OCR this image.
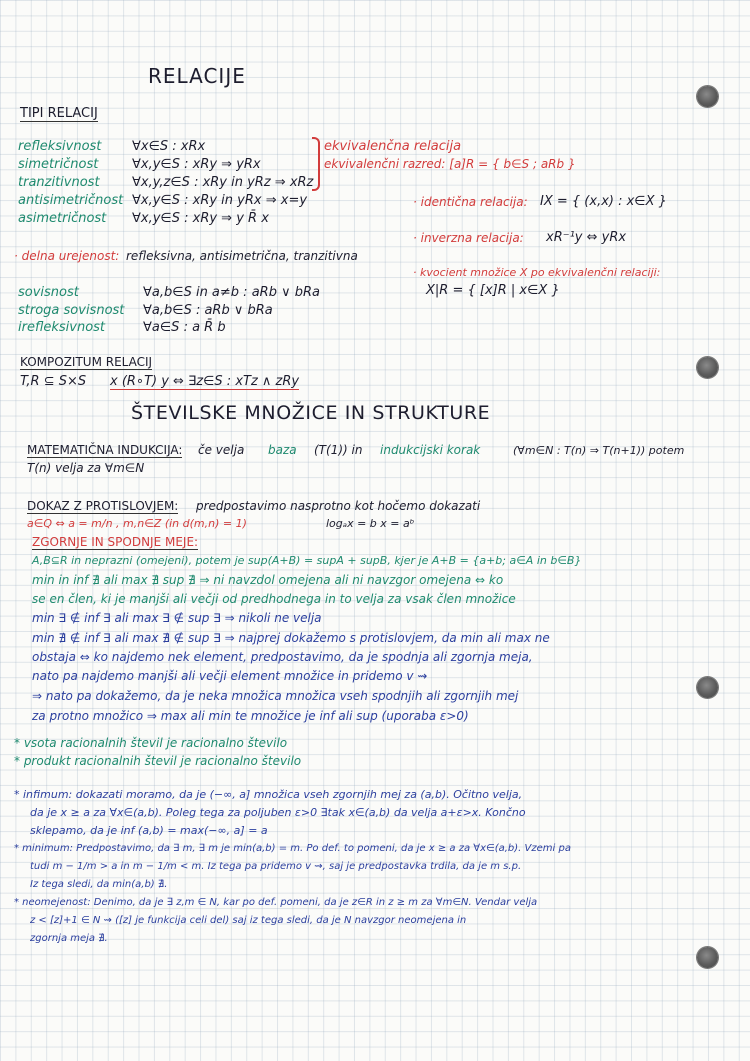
RELACIJE
TIPI RELACIJ
refleksivnost ∀x∈S : xRx
simetričnost	∀x,y∈S : xRy ⇒ yRx
tranzitivnost ∀x,y,z∈S : xRy in yRz ⇒ xRz
antisimetričnost ∀x,y∈S : xRy in yRx ⇒ x=y
asimetričnost ∀x,y∈S : xRy ⇒ y R̄ x
ekvivalenčna relacija
ekvivalenčni razred: [a]R = { b∈S ; aRb }
· identična relacija: IX = { (x,x) : x∈X }
· inverzna relacija: xR⁻¹y ⇔ yRx
· kvocient množice X po ekvivalenčni relaciji:
X|R = { [x]R | x∈X }
· delna urejenost: refleksivna, antisimetrična, tranzitivna
sovisnost	∀a,b∈S in a≠b : aRb ∨ bRa
stroga sovisnost ∀a,b∈S : aRb ∨ bRa
irefleksivnost	∀a∈S : a R̄ b
KOMPOZITUM RELACIJ
T,R ⊆ S×S x (R∘T) y ⇔ ∃z∈S : xTz ∧ zRy
ŠTEVILSKE MNOŽICE IN STRUKTURE
MATEMATIČNA INDUKCIJA: če velja baza (T(1)) in indukcijski korak	(∀m∈N : T(n) ⇒ T(n+1)) potem
T(n) velja za ∀m∈N
DOKAZ Z PROTISLOVJEM: predpostavimo nasprotno kot hočemo dokazati
a∈Q ⇔ a = m/n , m,n∈Z (in d(m,n) = 1)	logₐx = b x = aᵇ
ZGORNJE IN SPODNJE MEJE:
A,B⊆R in neprazni (omejeni), potem je sup(A+B) = supA + supB, kjer je A+B = {a+b; a∈A in b∈B}
min in inf ∄ ali max ∄ sup ∄ ⇒ ni navzdol omejena ali ni navzgor omejena ⇔ ko
se en člen, ki je manjši ali večji od predhodnega in to velja za vsak člen množice
min ∃ ∉ inf ∃ ali max ∃ ∉ sup ∃ ⇒ nikoli ne velja
min ∄ ∉ inf ∃ ali max ∄ ∉ sup ∃ ⇒ najprej dokažemo s protislovjem, da min ali max ne
obstaja ⇔ ko najdemo nek element, predpostavimo, da je spodnja ali zgornja meja,
nato pa najdemo manjši ali večji element množice in pridemo v ⇝
⇒ nato pa dokažemo, da je neka množica množica vseh spodnjih ali zgornjih mej
za protno množico ⇒ max ali min te množice je inf ali sup (uporaba ε>0)
* vsota racionalnih števil je racionalno število
* produkt racionalnih števil je racionalno število
* infimum: dokazati moramo, da je (−∞, a] množica vseh zgornjih mej za (a,b). Očitno velja,
da je x ≥ a za ∀x∈(a,b). Poleg tega za poljuben ε>0 ∃tak x∈(a,b) da velja a+ε>x. Končno
sklepamo, da je inf (a,b) = max(−∞, a] = a
* minimum: Predpostavimo, da ∃ m, ∃ m je min(a,b) = m. Po def. to pomeni, da je x ≥ a za ∀x∈(a,b). Vzemi pa
tudi m − 1/m > a in m − 1/m < m. Iz tega pa pridemo v ⇝, saj je predpostavka trdila, da je m s.p.
Iz tega sledi, da min(a,b) ∄.
* neomejenost: Denimo, da je ∃ z,m ∈ N, kar po def. pomeni, da je z∈R in z ≥ m za ∀m∈N. Vendar velja
z < [z]+1 ∈ N ⇝ ([z] je funkcija celi del) saj iz tega sledi, da je N navzgor neomejena in
zgornja meja ∄.
